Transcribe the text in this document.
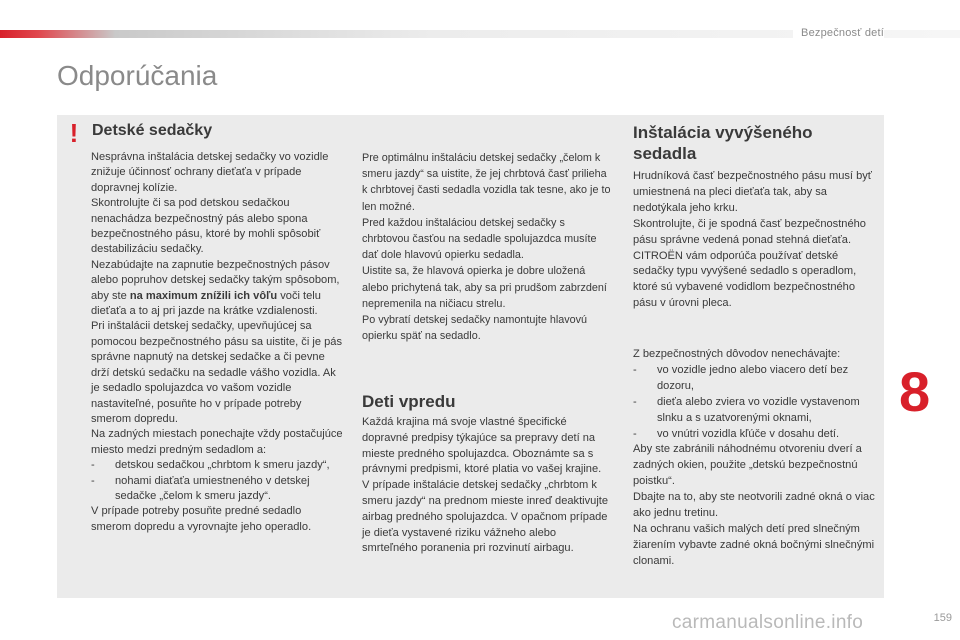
Bezpečnosť detí
Odporúčania
! Detské sedačky

Nesprávna inštalácia detskej sedačky vo vozidle znižuje účinnosť ochrany dieťaťa v prípade dopravnej kolízie.

Skontrolujte či sa pod detskou sedačkou nenachádza bezpečnostný pás alebo spona bezpečnostného pásu, ktoré by mohli spôsobiť destabilizáciu sedačky.

Nezabúdajte na zapnutie bezpečnostných pásov alebo popruhov detskej sedačky takým spôsobom, aby ste na maximum znížili ich vôľu voči telu dieťaťa a to aj pri jazde na krátke vzdialenosti.

Pri inštalácii detskej sedačky, upevňujúcej sa pomocou bezpečnostného pásu sa uistite, či je pás správne napnutý na detskej sedačke a či pevne drží detskú sedačku na sedadle vášho vozidla. Ak je sedadlo spolujazdca vo vašom vozidle nastaviteľné, posuňte ho v prípade potreby smerom dopredu.

Na zadných miestach ponechajte vždy postačujúce miesto medzi predným sedadlom a:

-	detskou sedačkou „chrbtom k smeru jazdy“,
-	nohami diaťaťa umiestneného v detskej sedačke „čelom k smeru jazdy“.

V prípade potreby posuňte predné sedadlo smerom dopredu a vyrovnajte jeho operadlo.

Pre optimálnu inštaláciu detskej sedačky „čelom k smeru jazdy“ sa uistite, že jej chrbtová časť prilieha k chrbtovej časti sedadla vozidla tak tesne, ako je to len možné.

Pred každou inštaláciou detskej sedačky s chrbtovou časťou na sedadle spolujazdca musíte dať dole hlavovú opierku sedadla.

Uistite sa, že hlavová opierka je dobre uložená alebo prichytená tak, aby sa pri prudšom zabrzdení nepremenila na ničiacu strelu.

Po vybratí detskej sedačky namontujte hlavovú opierku späť na sedadlo.

Deti vpredu

Každá krajina má svoje vlastné špecifické dopravné predpisy týkajúce sa prepravy detí na mieste predného spolujazdca. Oboznámte sa s právnymi predpismi, ktoré platia vo vašej krajine.

V prípade inštalácie detskej sedačky „chrbtom k smeru jazdy“ na prednom mieste inreď deaktivujte airbag predného spolujazdca. V opačnom prípade je dieťa vystavené riziku vážneho alebo smrteľného poranenia pri rozvinutí airbagu.

Inštalácia vyvýšeného sedadla

Hrudníková časť bezpečnostného pásu musí byť umiestnená na pleci dieťaťa tak, aby sa nedotýkala jeho krku.

Skontrolujte, či je spodná časť bezpečnostného pásu správne vedená ponad stehná dieťaťa.

CITROËN vám odporúča používať detské sedačky typu vyvýšené sedadlo s operadlom, ktoré sú vybavené vodidlom bezpečnostného pásu v úrovni pleca.

Z bezpečnostných dôvodov nenechávajte:

-	vo vozidle jedno alebo viacero detí bez dozoru,
-	dieťa alebo zviera vo vozidle vystavenom slnku a s uzatvorenými oknami,
-	vo vnútri vozidla kľúče v dosahu detí.

Aby ste zabránili náhodnému otvoreniu dverí a zadných okien, použite „detskú bezpečnostnú poistku“.

Dbajte na to, aby ste neotvorili zadné okná o viac ako jednu tretinu.

Na ochranu vašich malých detí pred slnečným žiarením vybavte zadné okná bočnými slnečnými clonami.

8
carmanualsonline.info	159
